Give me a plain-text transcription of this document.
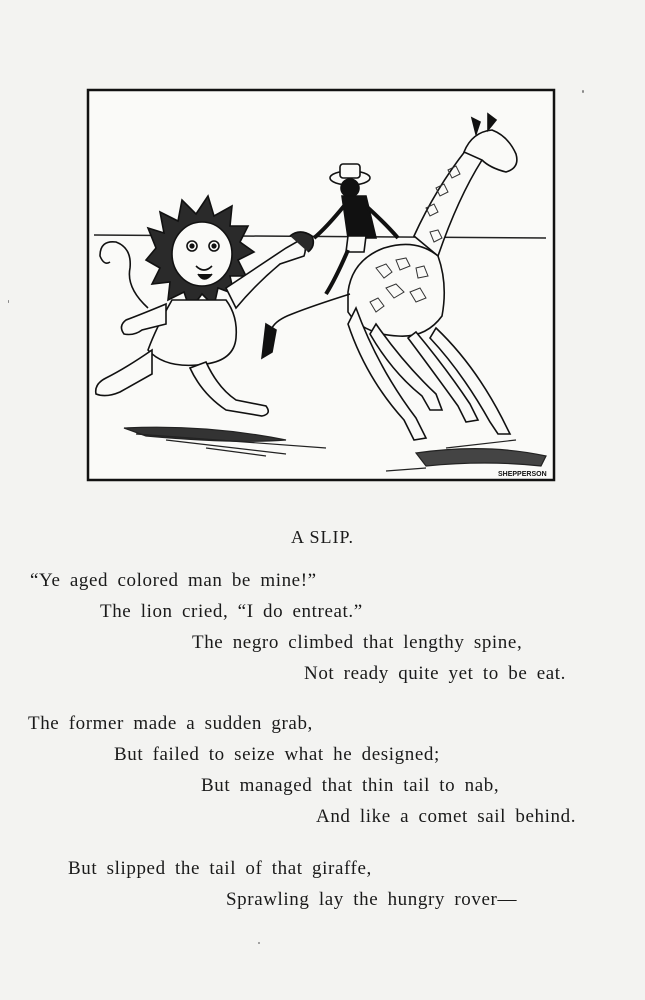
SHEPPERSON
A SLIP.
“Ye aged colored man be mine!”
The lion cried, “I do entreat.”
The negro climbed that lengthy spine,
Not ready quite yet to be eat.
The former made a sudden grab,
But failed to seize what he designed;
But managed that thin tail to nab,
And like a comet sail behind.
But slipped the tail of that giraffe,
Sprawling lay the hungry rover—
